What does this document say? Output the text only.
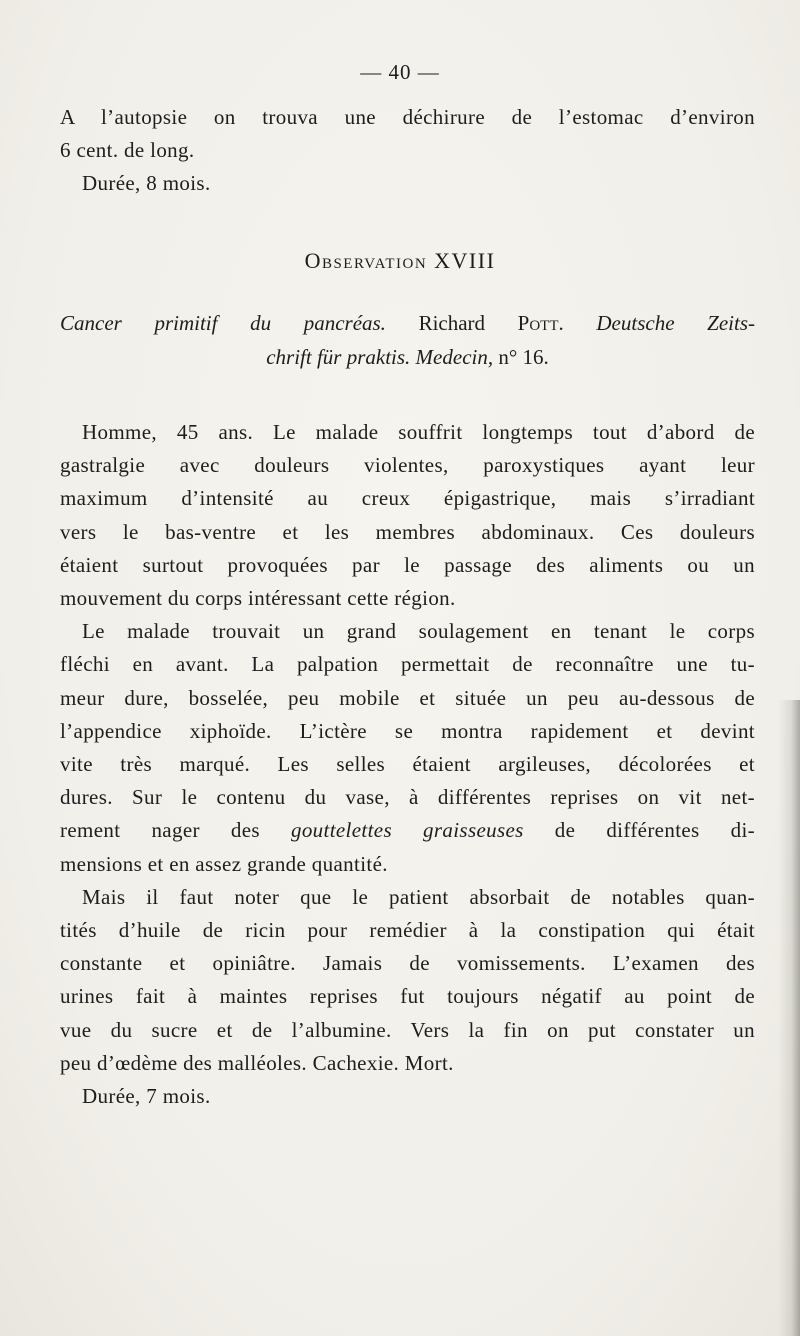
— 40 —
A l’autopsie on trouva une déchirure de l’estomac d’environ
6 cent. de long.
Durée, 8 mois.
Observation XVIII
Cancer primitif du pancréas. Richard Pott. Deutsche Zeits-
chrift für praktis. Medecin, n° 16.
Homme, 45 ans. Le malade souffrit longtemps tout d’abord de
gastralgie avec douleurs violentes, paroxystiques ayant leur
maximum d’intensité au creux épigastrique, mais s’irradiant
vers le bas-ventre et les membres abdominaux. Ces douleurs
étaient surtout provoquées par le passage des aliments ou un
mouvement du corps intéressant cette région.
Le malade trouvait un grand soulagement en tenant le corps
fléchi en avant. La palpation permettait de reconnaître une tu-
meur dure, bosselée, peu mobile et située un peu au-dessous de
l’appendice xiphoïde. L’ictère se montra rapidement et devint
vite très marqué. Les selles étaient argileuses, décolorées et
dures. Sur le contenu du vase, à différentes reprises on vit net-
rement nager des gouttelettes graisseuses de différentes di-
mensions et en assez grande quantité.
Mais il faut noter que le patient absorbait de notables quan-
tités d’huile de ricin pour remédier à la constipation qui était
constante et opiniâtre. Jamais de vomissements. L’examen des
urines fait à maintes reprises fut toujours négatif au point de
vue du sucre et de l’albumine. Vers la fin on put constater un
peu d’œdème des malléoles. Cachexie. Mort.
Durée, 7 mois.
